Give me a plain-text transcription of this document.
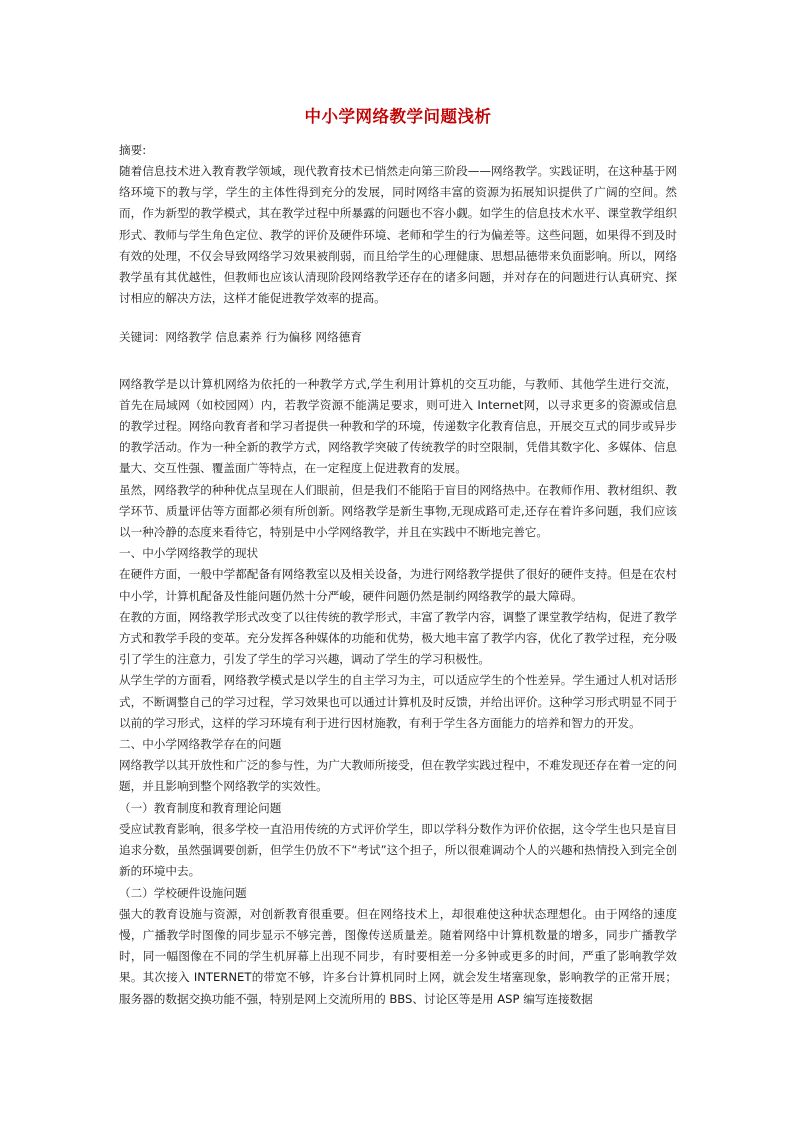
中小学网络教学问题浅析

摘要:

随着信息技术进入教育教学领域，现代教育技术已悄然走向第三阶段——网络教学。实践证明，在这种基于网络环境下的教与学，学生的主体性得到充分的发展，同时网络丰富的资源为拓展知识提供了广阔的空间。然而，作为新型的教学模式，其在教学过程中所暴露的问题也不容小觑。如学生的信息技术水平、课堂教学组织形式、教师与学生角色定位、教学的评价及硬件环境、老师和学生的行为偏差等。这些问题，如果得不到及时有效的处理，不仅会导致网络学习效果被削弱，而且给学生的心理健康、思想品德带来负面影响。所以，网络教学虽有其优越性，但教师也应该认清现阶段网络教学还存在的诸多问题，并对存在的问题进行认真研究、探讨相应的解决方法，这样才能促进教学效率的提高。

关键词：网络教学 信息素养 行为偏移 网络德育

网络教学是以计算机网络为依托的一种教学方式,学生利用计算机的交互功能，与教师、其他学生进行交流，首先在局域网（如校园网）内，若教学资源不能满足要求，则可进入 Internet网，以寻求更多的资源或信息的教学过程。网络向教育者和学习者提供一种教和学的环境，传递数字化教育信息，开展交互式的同步或异步的教学活动。作为一种全新的教学方式，网络教学突破了传统教学的时空限制，凭借其数字化、多媒体、信息量大、交互性强、覆盖面广等特点，在一定程度上促进教育的发展。

虽然，网络教学的种种优点呈现在人们眼前，但是我们不能陷于盲目的网络热中。在教师作用、教材组织、教学环节、质量评估等方面都必须有所创新。网络教学是新生事物,无现成路可走,还存在着许多问题，我们应该以一种冷静的态度来看待它，特别是中小学网络教学，并且在实践中不断地完善它。

一、中小学网络教学的现状

在硬件方面，一般中学都配备有网络教室以及相关设备，为进行网络教学提供了很好的硬件支持。但是在农村中小学，计算机配备及性能问题仍然十分严峻，硬件问题仍然是制约网络教学的最大障碍。

在教的方面，网络教学形式改变了以往传统的教学形式，丰富了教学内容，调整了课堂教学结构，促进了教学方式和教学手段的变革。充分发挥各种媒体的功能和优势，极大地丰富了教学内容，优化了教学过程，充分吸引了学生的注意力，引发了学生的学习兴趣，调动了学生的学习积极性。

从学生学的方面看，网络教学模式是以学生的自主学习为主，可以适应学生的个性差异。学生通过人机对话形式，不断调整自己的学习过程，学习效果也可以通过计算机及时反馈，并给出评价。这种学习形式明显不同于以前的学习形式，这样的学习环境有利于进行因材施教，有利于学生各方面能力的培养和智力的开发。

二、中小学网络教学存在的问题

网络教学以其开放性和广泛的参与性，为广大教师所接受，但在教学实践过程中，不难发现还存在着一定的问题，并且影响到整个网络教学的实效性。

（一）教育制度和教育理论问题

受应试教育影响，很多学校一直沿用传统的方式评价学生，即以学科分数作为评价依据，这令学生也只是盲目追求分数，虽然强调要创新，但学生仍放不下“考试”这个担子，所以很难调动个人的兴趣和热情投入到完全创新的环境中去。

（二）学校硬件设施问题

强大的教育设施与资源，对创新教育很重要。但在网络技术上，却很难使这种状态理想化。由于网络的速度慢，广播教学时图像的同步显示不够完善，图像传送质量差。随着网络中计算机数量的增多，同步广播教学时，同一幅图像在不同的学生机屏幕上出现不同步，有时要相差一分多钟或更多的时间，严重了影响教学效果。其次接入 INTERNET的带宽不够，许多台计算机同时上网，就会发生堵塞现象，影响教学的正常开展；服务器的数据交换功能不强，特别是网上交流所用的 BBS、讨论区等是用 ASP 编写连接数据
